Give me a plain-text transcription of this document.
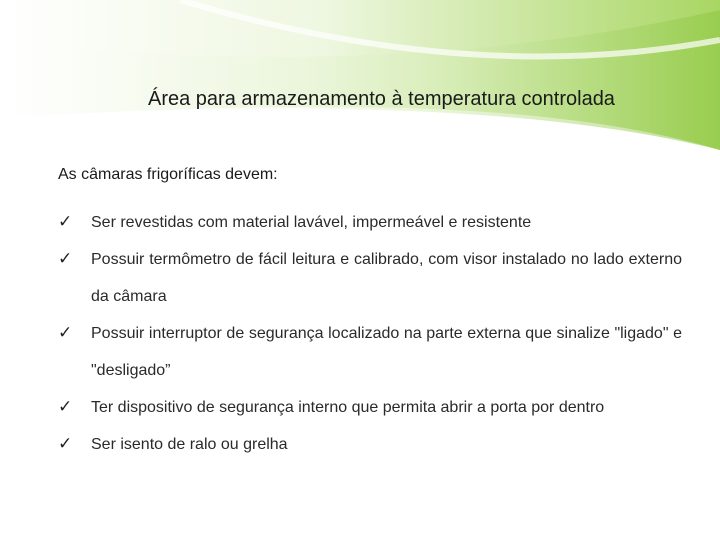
Área para armazenamento à temperatura controlada
As câmaras frigoríficas devem:
✓ Ser revestidas com material lavável, impermeável e resistente
✓ Possuir termômetro de fácil leitura e calibrado, com visor instalado no lado externo da câmara
✓ Possuir interruptor de segurança localizado na parte externa que sinalize "ligado" e "desligado”
✓ Ter dispositivo de segurança interno que permita abrir a porta por dentro
✓ Ser isento de ralo ou grelha
